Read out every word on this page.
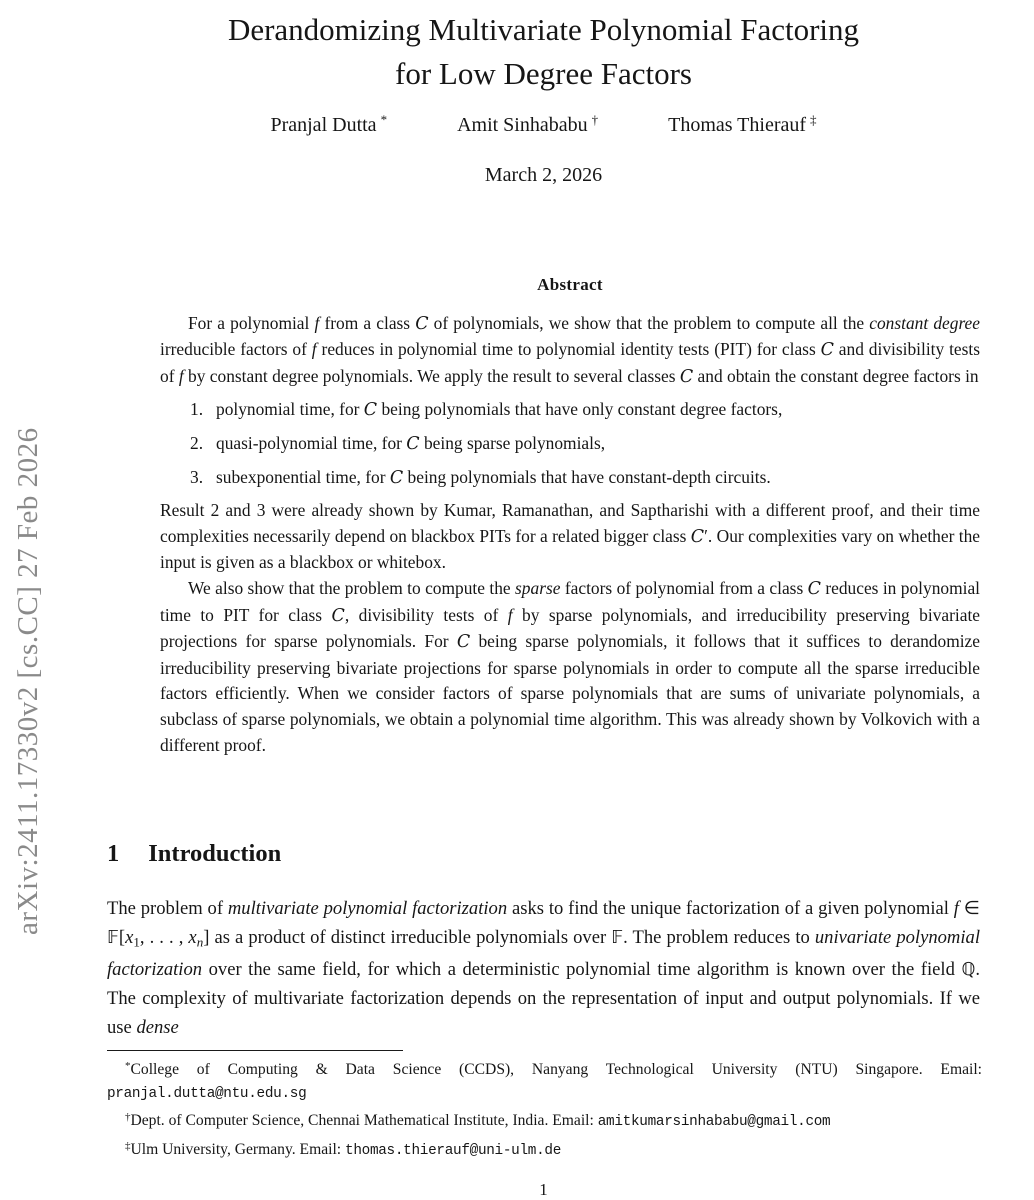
arXiv:2411.17330v2 [cs.CC] 27 Feb 2026
Derandomizing Multivariate Polynomial Factoring
for Low Degree Factors
Pranjal Dutta *	Amit Sinhababu †	Thomas Thierauf ‡
March 2, 2026
Abstract
For a polynomial f from a class C of polynomials, we show that the problem to compute all the constant degree irreducible factors of f reduces in polynomial time to polynomial identity tests (PIT) for class C and divisibility tests of f by constant degree polynomials. We apply the result to several classes C and obtain the constant degree factors in
1. polynomial time, for C being polynomials that have only constant degree factors,
2. quasi-polynomial time, for C being sparse polynomials,
3. subexponential time, for C being polynomials that have constant-depth circuits.
Result 2 and 3 were already shown by Kumar, Ramanathan, and Saptharishi with a different proof, and their time complexities necessarily depend on blackbox PITs for a related bigger class C′. Our complexities vary on whether the input is given as a blackbox or whitebox.
We also show that the problem to compute the sparse factors of polynomial from a class C reduces in polynomial time to PIT for class C, divisibility tests of f by sparse polynomials, and irreducibility preserving bivariate projections for sparse polynomials. For C being sparse polynomials, it follows that it suffices to derandomize irreducibility preserving bivariate projections for sparse polynomials in order to compute all the sparse irreducible factors efficiently. When we consider factors of sparse polynomials that are sums of univariate polynomials, a subclass of sparse polynomials, we obtain a polynomial time algorithm. This was already shown by Volkovich with a different proof.
1 Introduction
The problem of multivariate polynomial factorization asks to find the unique factorization of a given polynomial f ∈ $𝔽[x_1$, . . . , $x_n$] as a product of distinct irreducible polynomials over 𝔽. The problem reduces to univariate polynomial factorization over the same field, for which a deterministic polynomial time algorithm is known over the field ℚ. The complexity of multivariate factorization depends on the representation of input and output polynomials. If we use dense
*College of Computing & Data Science (CCDS), Nanyang Technological University (NTU) Singapore. Email: pranjal.dutta@ntu.edu.sg
†Dept. of Computer Science, Chennai Mathematical Institute, India. Email: amitkumarsinhababu@gmail.com
‡Ulm University, Germany. Email: thomas.thierauf@uni-ulm.de
1
